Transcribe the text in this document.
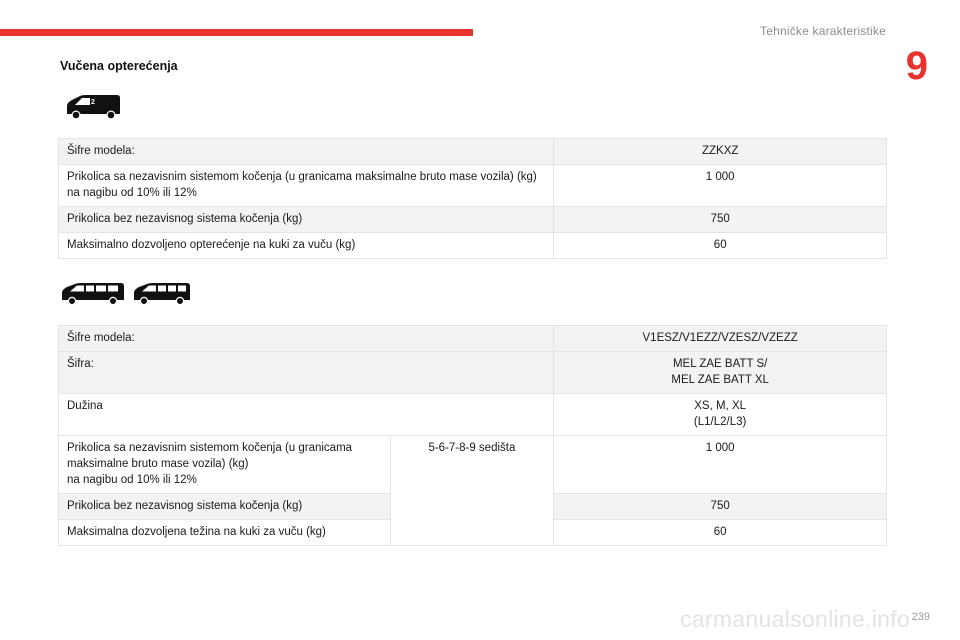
Tehničke karakteristike
9
Vučena opterećenja
2
Šifre modela:	ZZKXZ

Prikolica sa nezavisnim sistemom kočenja (u granicama maksimalne bruto mase vozila) (kg)
na nagibu od 10% ili 12%	1 000
Prikolica bez nezavisnog sistema kočenja (kg)	750
Maksimalno dozvoljeno opterećenje na kuki za vuču (kg)	60
Šifre modela:		V1ESZ/V1EZZ/VZESZ/VZEZZ
Šifra:		MEL ZAE BATT S/
MEL ZAE BATT XL

Dužina		XS, M, XL
(L1/L2/L3)

Prikolica sa nezavisnim sistemom kočenja (u granicama
maksimalne bruto mase vozila) (kg)
na nagibu od 10% ili 12%	5-6-7-8-9 sedišta	1 000
Prikolica bez nezavisnog sistema kočenja (kg)		750
Maksimalna dozvoljena težina na kuki za vuču (kg)		60
carmanualsonline.info 239
